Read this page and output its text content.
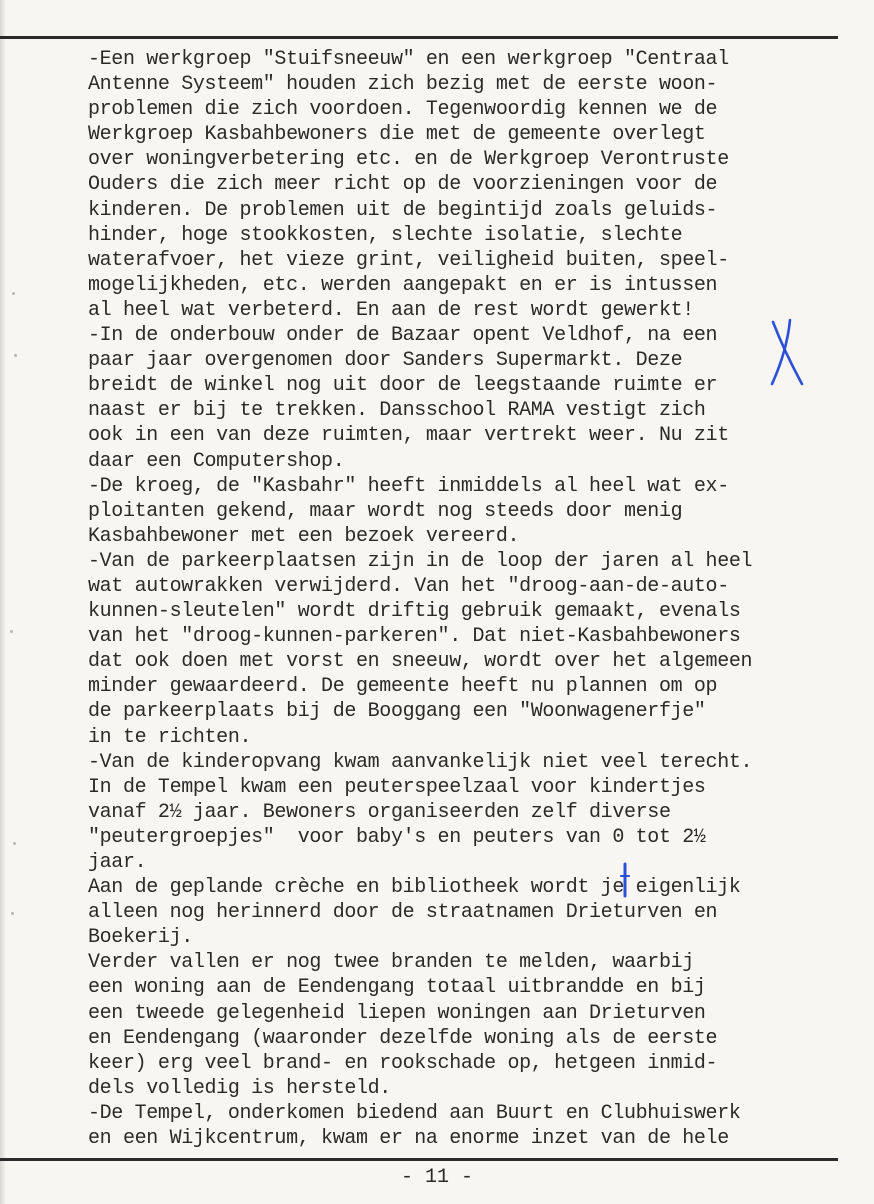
-Een werkgroep "Stuifsneeuw" en een werkgroep "Centraal
Antenne Systeem" houden zich bezig met de eerste woon-
problemen die zich voordoen. Tegenwoordig kennen we de
Werkgroep Kasbahbewoners die met de gemeente overlegt
over woningverbetering etc. en de Werkgroep Verontruste
Ouders die zich meer richt op de voorzieningen voor de
kinderen. De problemen uit de begintijd zoals geluids-
hinder, hoge stookkosten, slechte isolatie, slechte
waterafvoer, het vieze grint, veiligheid buiten, speel-
mogelijkheden, etc. werden aangepakt en er is intussen
al heel wat verbeterd. En aan de rest wordt gewerkt!
-In de onderbouw onder de Bazaar opent Veldhof, na een
paar jaar overgenomen door Sanders Supermarkt. Deze
breidt de winkel nog uit door de leegstaande ruimte er
naast er bij te trekken. Dansschool RAMA vestigt zich
ook in een van deze ruimten, maar vertrekt weer. Nu zit
daar een Computershop.
-De kroeg, de "Kasbahr" heeft inmiddels al heel wat ex-
ploitanten gekend, maar wordt nog steeds door menig
Kasbahbewoner met een bezoek vereerd.
-Van de parkeerplaatsen zijn in de loop der jaren al heel
wat autowrakken verwijderd. Van het "droog-aan-de-auto-
kunnen-sleutelen" wordt driftig gebruik gemaakt, evenals
van het "droog-kunnen-parkeren". Dat niet-Kasbahbewoners
dat ook doen met vorst en sneeuw, wordt over het algemeen
minder gewaardeerd. De gemeente heeft nu plannen om op
de parkeerplaats bij de Booggang een "Woonwagenerfje"
in te richten.
-Van de kinderopvang kwam aanvankelijk niet veel terecht.
In de Tempel kwam een peuterspeelzaal voor kindertjes
vanaf 2½ jaar. Bewoners organiseerden zelf diverse
"peutergroepjes"  voor baby's en peuters van 0 tot 2½
jaar.
Aan de geplande crèche en bibliotheek wordt je eigenlijk
alleen nog herinnerd door de straatnamen Drieturven en
Boekerij.
Verder vallen er nog twee branden te melden, waarbij
een woning aan de Eendengang totaal uitbrandde en bij
een tweede gelegenheid liepen woningen aan Drieturven
en Eendengang (waaronder dezelfde woning als de eerste
keer) erg veel brand- en rookschade op, hetgeen inmid-
dels volledig is hersteld.
-De Tempel, onderkomen biedend aan Buurt en Clubhuiswerk
en een Wijkcentrum, kwam er na enorme inzet van de hele
- 11 -
